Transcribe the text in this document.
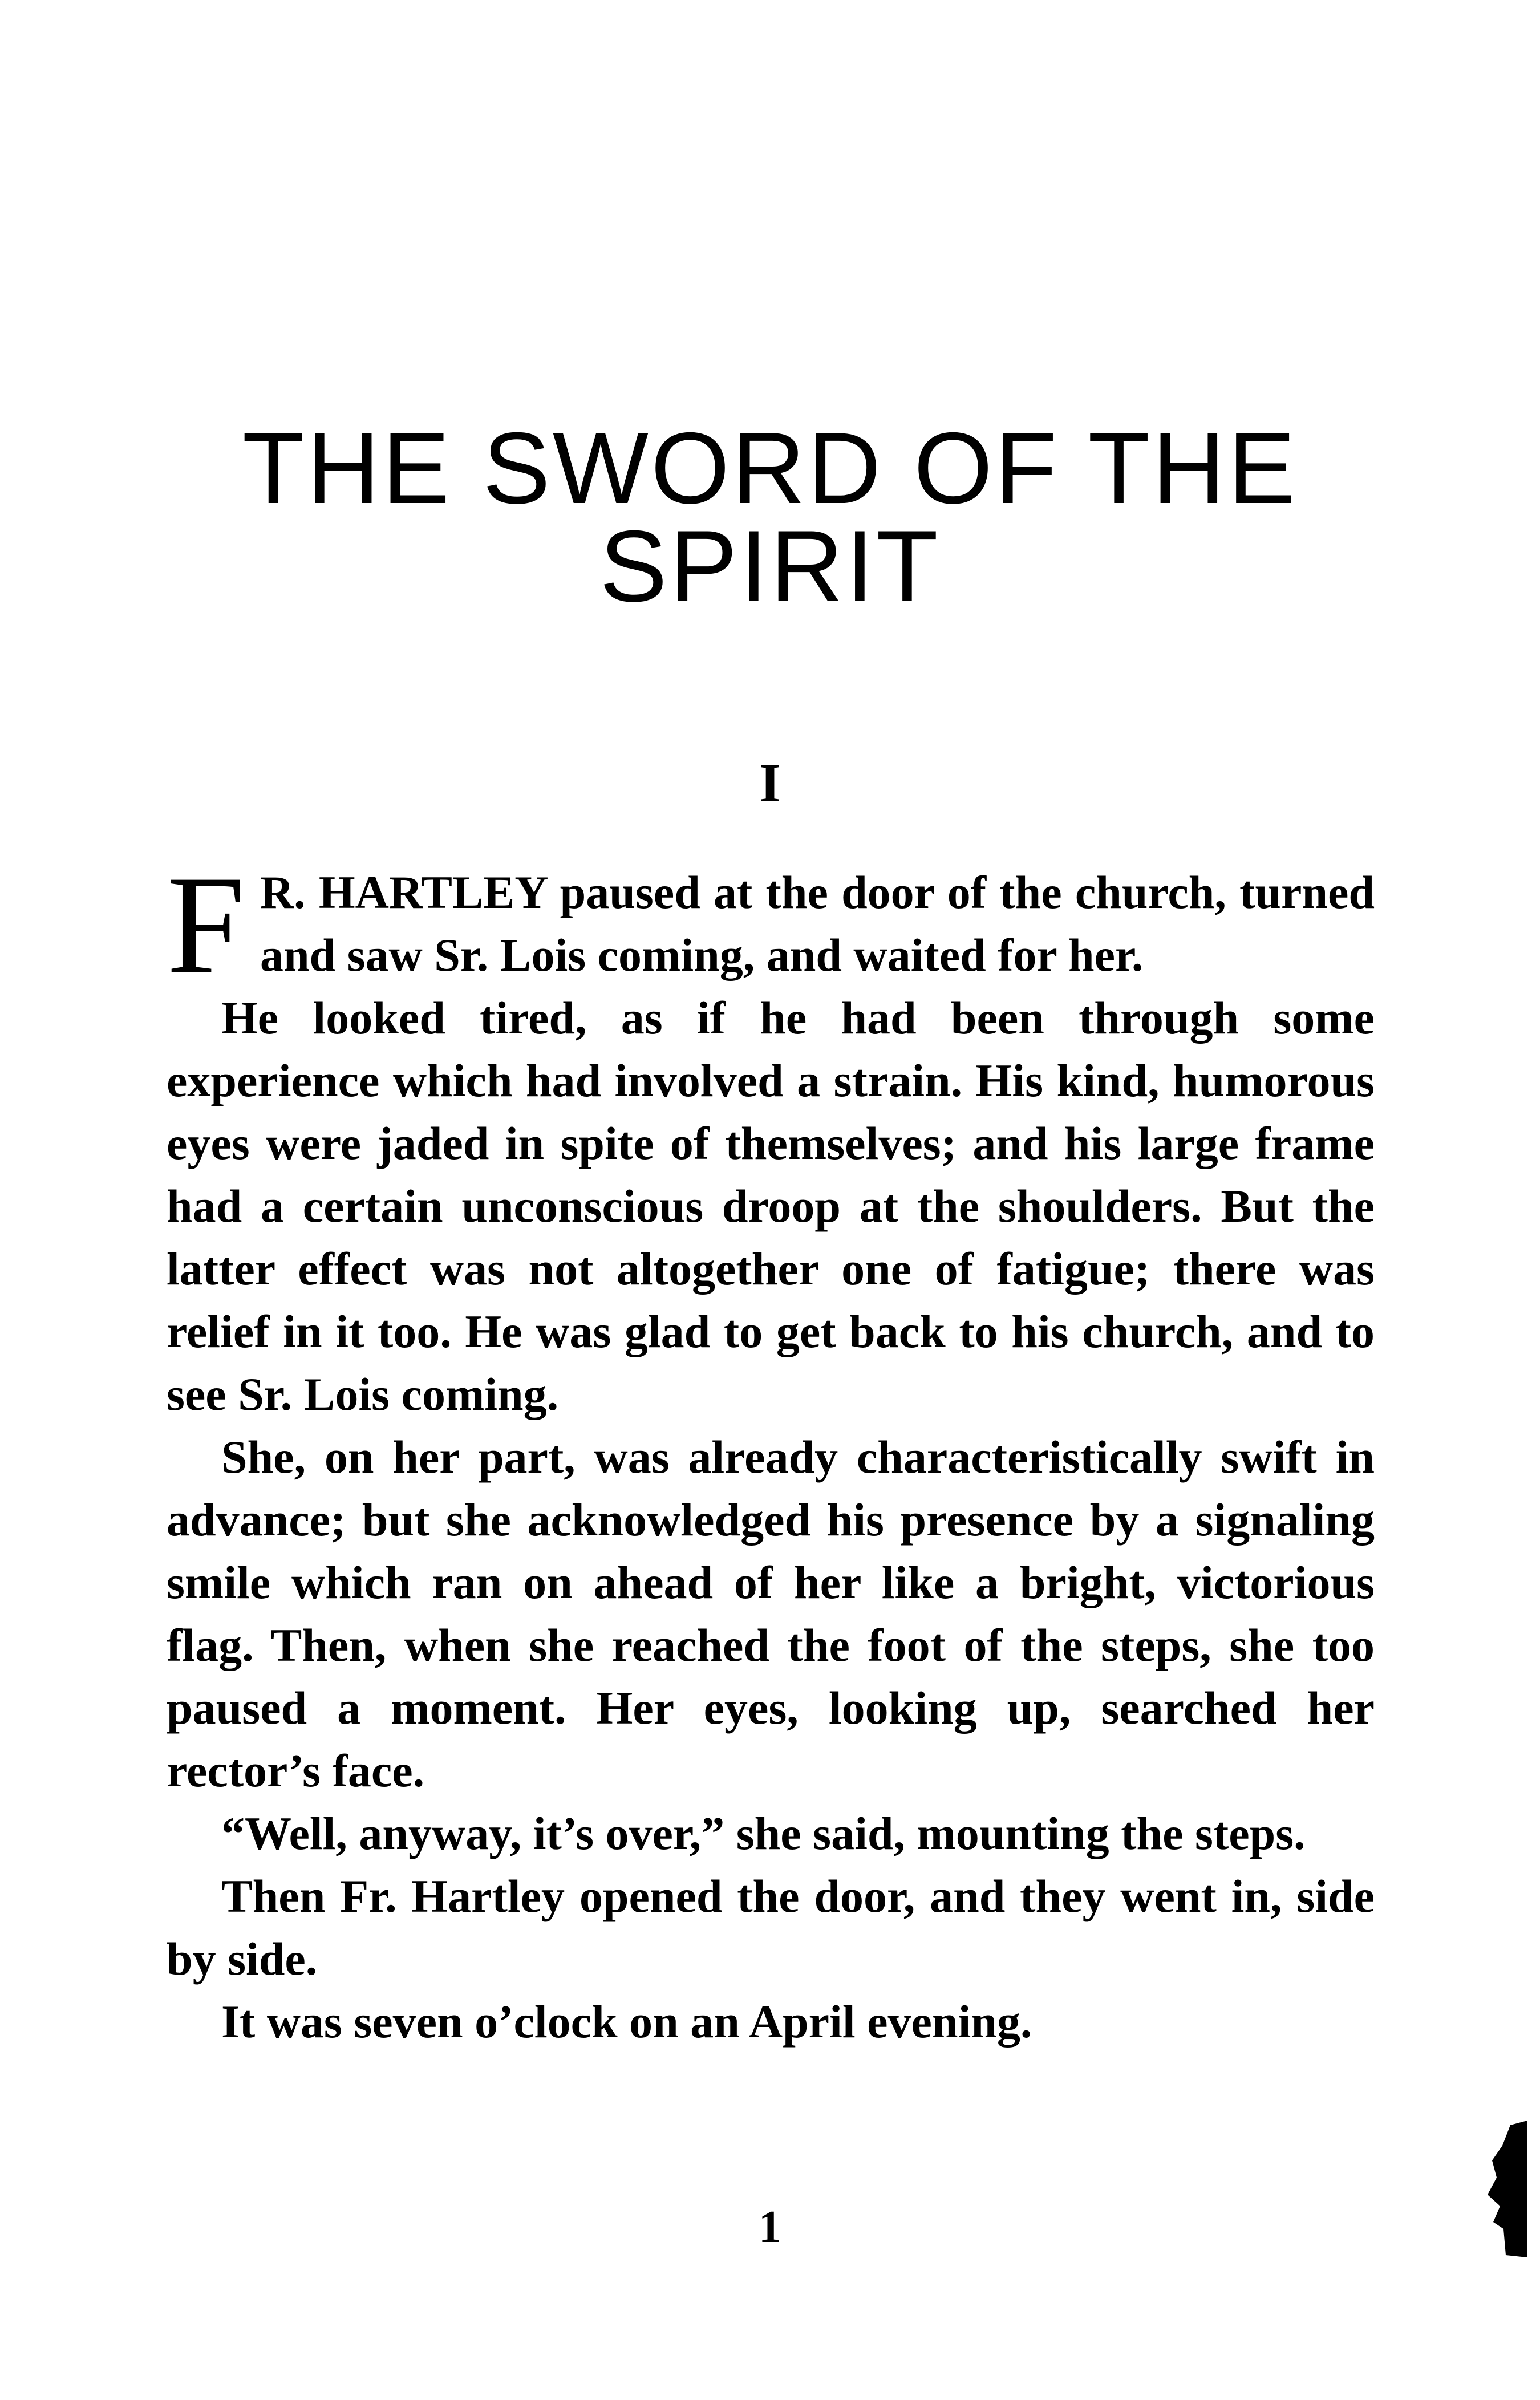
THE SWORD OF THE
SPIRIT
I

F R. HARTLEY paused at the door of the church, turned and saw Sr. Lois coming, and waited for her.

He looked tired, as if he had been through some experience which had involved a strain. His kind, humorous eyes were jaded in spite of themselves; and his large frame had a certain unconscious droop at the shoulders. But the latter effect was not altogether one of fatigue; there was relief in it too. He was glad to get back to his church, and to see Sr. Lois coming.

She, on her part, was already characteristically swift in advance; but she acknowledged his presence by a signaling smile which ran on ahead of her like a bright, victorious flag. Then, when she reached the foot of the steps, she too paused a moment. Her eyes, looking up, searched her rector’s face.

“Well, anyway, it’s over,” she said, mounting the steps.

Then Fr. Hartley opened the door, and they went in, side by side.

It was seven o’clock on an April evening.

1
